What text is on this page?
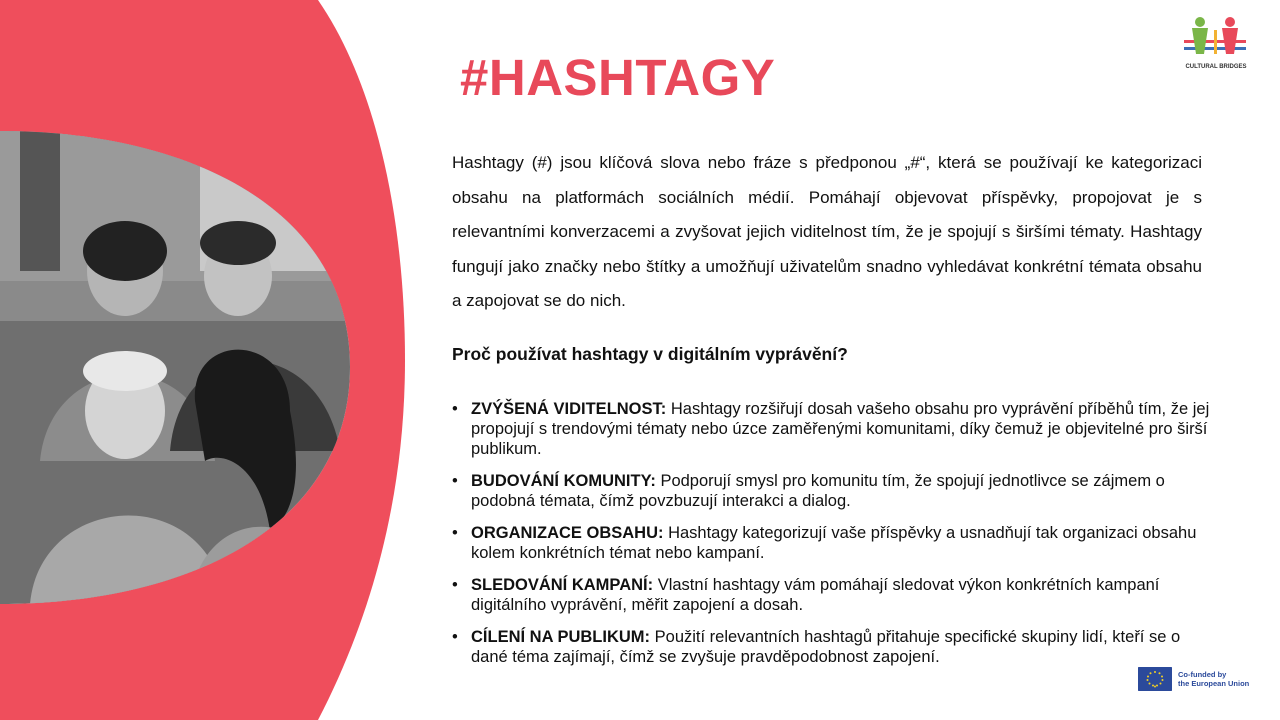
#HASHTAGY	CULTURAL BRIDGES

Hashtagy (#) jsou klíčová slova nebo fráze s předponou „#“, která se používají ke kategorizaci obsahu na platformách sociálních médií. Pomáhají objevovat příspěvky, propojovat je s relevantními konverzacemi a zvyšovat jejich viditelnost tím, že je spojují s širšími tématy. Hashtagy fungují jako značky nebo štítky a umožňují uživatelům snadno vyhledávat konkrétní témata obsahu a zapojovat se do nich.

Proč používat hashtagy v digitálním vyprávění?

• ZVÝŠENÁ VIDITELNOST: Hashtagy rozšiřují dosah vašeho obsahu pro vyprávění příběhů tím, že jej propojují s trendovými tématy nebo úzce zaměřenými komunitami, díky čemuž je objevitelné pro širší publikum.
• BUDOVÁNÍ KOMUNITY: Podporují smysl pro komunitu tím, že spojují jednotlivce se zájmem o podobná témata, čímž povzbuzují interakci a dialog.
• ORGANIZACE OBSAHU: Hashtagy kategorizují vaše příspěvky a usnadňují tak organizaci obsahu kolem konkrétních témat nebo kampaní.
• SLEDOVÁNÍ KAMPANÍ: Vlastní hashtagy vám pomáhají sledovat výkon konkrétních kampaní digitálního vyprávění, měřit zapojení a dosah.
• CÍLENÍ NA PUBLIKUM: Použití relevantních hashtagů přitahuje specifické skupiny lidí, kteří se o dané téma zajímají, čímž se zvyšuje pravděpodobnost zapojení.
Co-funded by
the European Union
